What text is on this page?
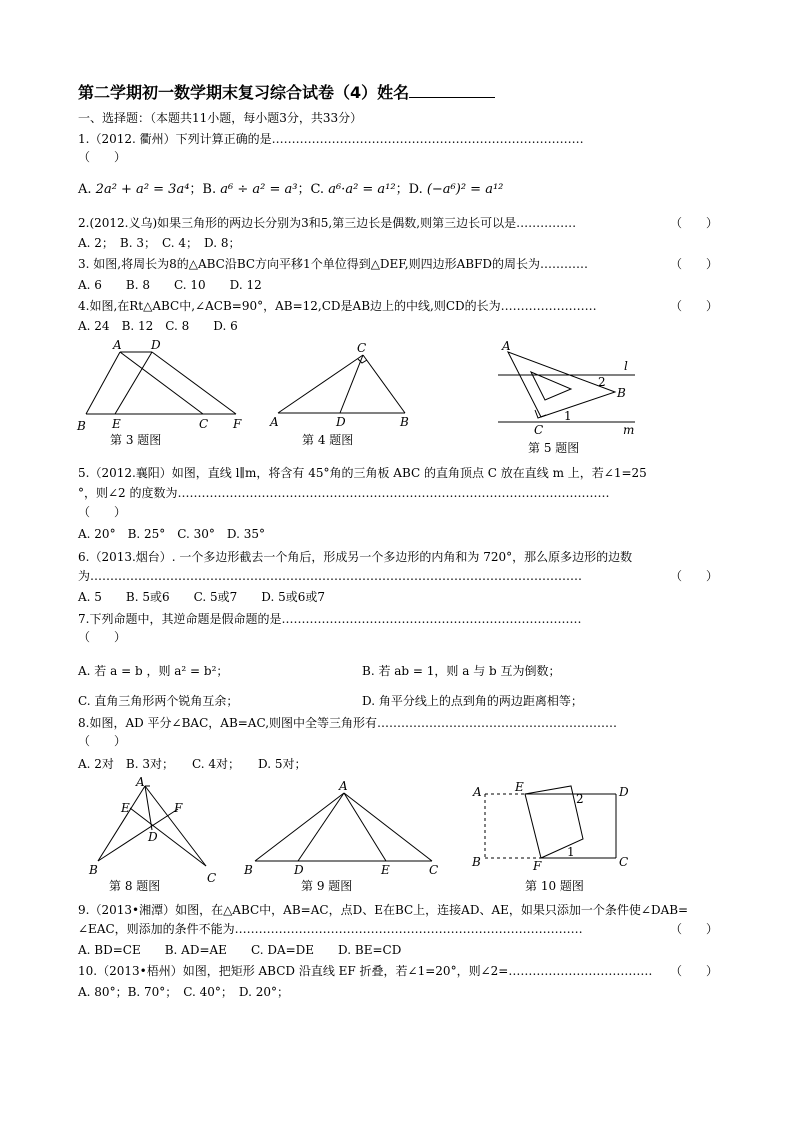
第二学期初一数学期末复习综合试卷（4）姓名
一、选择题：（本题共11小题，每小题3分，共33分）
1.（2012. 衢州）下列计算正确的是……………………………………………………………………
（　　）
A. 2a² + a² = 3a⁴；B. a⁶ ÷ a² = a³；C. a⁶·a² = a¹²；D. (−a⁶)² = a¹²
2.(2012.义乌)如果三角形的两边长分别为3和5,第三边长是偶数,则第三边长可以是……………	（　　）
A. 2；　B. 3；　C. 4；　D. 8；
3. 如图,将周长为8的△ABC沿BC方向平移1个单位得到△DEF,则四边形ABFD的周长为…………	（　　）
A. 6　　B. 8　　C. 10　　D. 12
4.如图,在Rt△ABC中,∠ACB=90°，AB=12,CD是AB边上的中线,则CD的长为……………………	（　　）
A. 24　B. 12　C. 8　　D. 6
A D
B E	C F
第 3 题图
C
A	D	B
第 4 题图
A
l
2
B
1
C	m
第 5 题图
A
E	F
D
B
C
第 8 题图
A
B	D	E	C
第 9 题图
A	E
2	D
B	F
1
C
第 10 题图
5.（2012.襄阳）如图，直线 l∥m，将含有 45°角的三角板 ABC 的直角顶点 C 放在直线 m 上，若∠1=25
°，则∠2 的度数为………………………………………………………………………………………………
（　　）
A. 20°　B. 25°　C. 30°　D. 35°
6.（2013.烟台）. 一个多边形截去一个角后，形成另一个多边形的内角和为 720°，那么原多边形的边数
为……………………………………………………………………………………………………………	（　　）
A. 5　　B. 5或6　　C. 5或7　　D. 5或6或7
7.下列命题中，其逆命题是假命题的是…………………………………………………………………
（　　）
A. 若 a = b ，则 a² = b²；	B. 若 ab = 1，则 a 与 b 互为倒数；
C. 直角三角形两个锐角互余；	D. 角平分线上的点到角的两边距离相等；
8.如图，AD 平分∠BAC，AB=AC,则图中全等三角形有……………………………………………………
（　　）
A. 2对　B. 3对；　　C. 4对；　　D. 5对；
9.（2013•湘潭）如图，在△ABC中，AB=AC，点D、E在BC上，连接AD、AE，如果只添加一个条件使∠DAB=
∠EAC，则添加的条件不能为……………………………………………………………………………	（　　）
A. BD=CE　　B. AD=AE　　C. DA=DE　　D. BE=CD
10.（2013•梧州）如图，把矩形 ABCD 沿直线 EF 折叠，若∠1=20°，则∠2=……………………………… （　　）
A. 80°；B. 70°；　C. 40°；　D. 20°；
